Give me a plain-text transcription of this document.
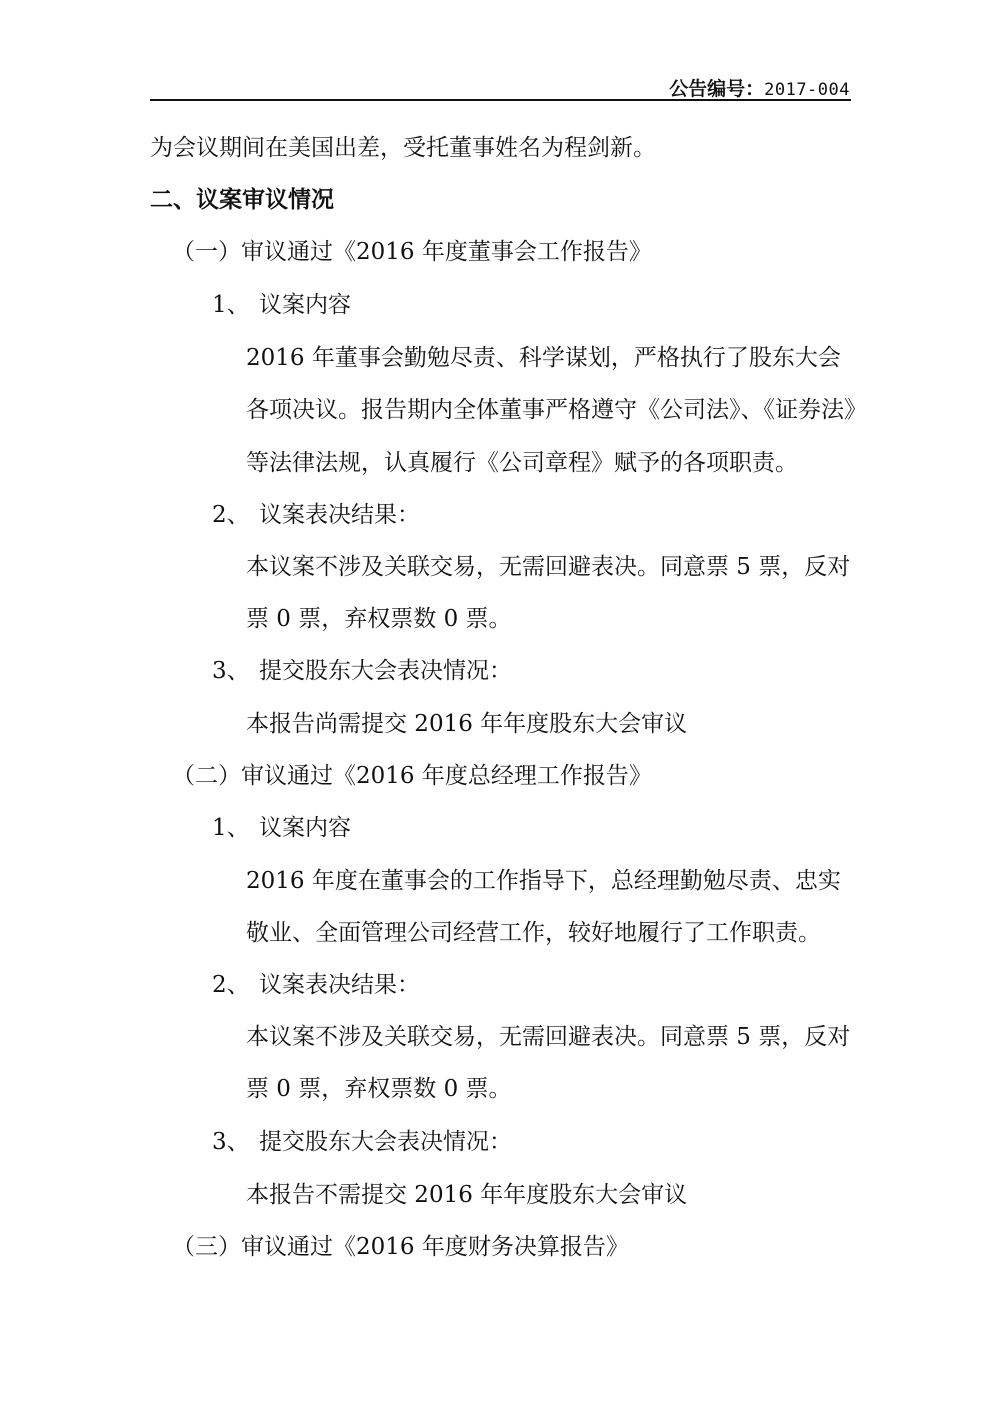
公告编号：2017-004
为会议期间在美国出差，受托董事姓名为程剑新。
二、议案审议情况
（一）审议通过《2016 年度董事会工作报告》
1、 议案内容
2016 年董事会勤勉尽责、科学谋划，严格执行了股东大会
各项决议。报告期内全体董事严格遵守《公司法》、《证券法》
等法律法规，认真履行《公司章程》赋予的各项职责。
2、 议案表决结果：
本议案不涉及关联交易，无需回避表决。同意票 5 票，反对
票 0 票，弃权票数 0 票。
3、 提交股东大会表决情况：
本报告尚需提交 2016 年年度股东大会审议
（二）审议通过《2016 年度总经理工作报告》
1、 议案内容
2016 年度在董事会的工作指导下，总经理勤勉尽责、忠实
敬业、全面管理公司经营工作，较好地履行了工作职责。
2、 议案表决结果：
本议案不涉及关联交易，无需回避表决。同意票 5 票，反对
票 0 票，弃权票数 0 票。
3、 提交股东大会表决情况：
本报告不需提交 2016 年年度股东大会审议
（三）审议通过《2016 年度财务决算报告》
